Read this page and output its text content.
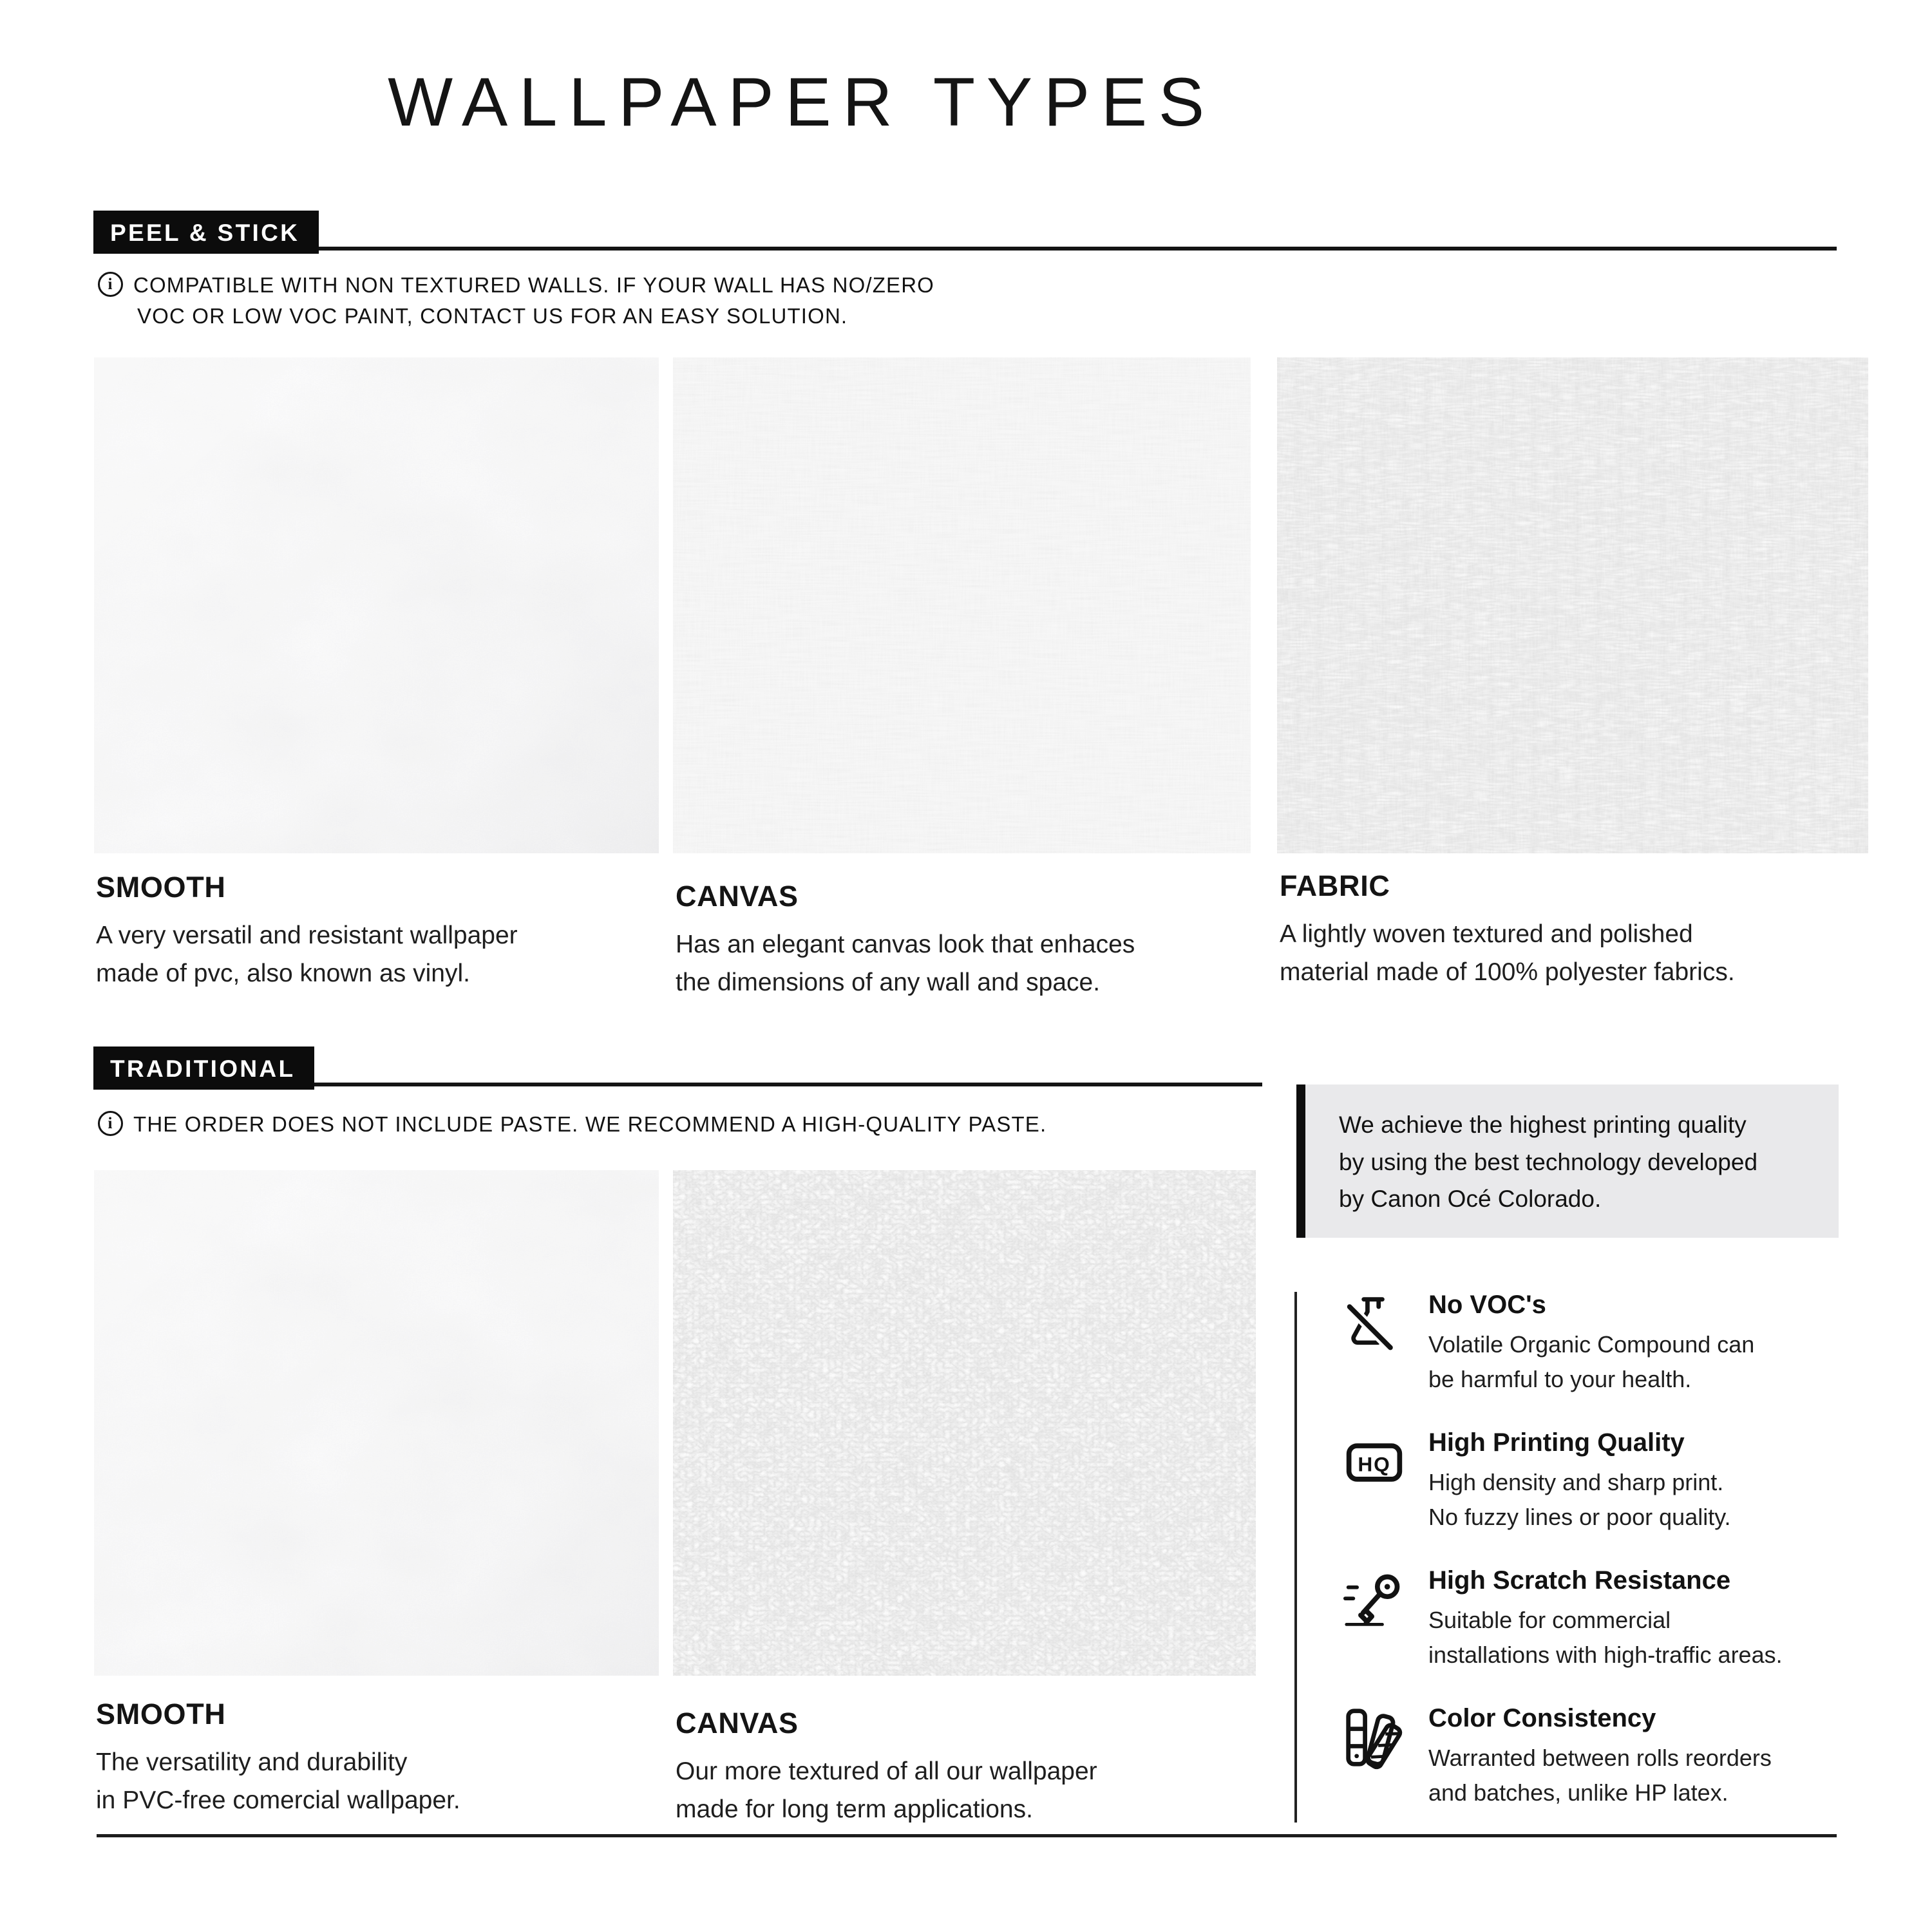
WALLPAPER TYPES
PEEL & STICK
i COMPATIBLE WITH NON TEXTURED WALLS. IF YOUR WALL HAS NO/ZERO
VOC OR LOW VOC PAINT, CONTACT US FOR AN EASY SOLUTION.
SMOOTH
A very versatil and resistant wallpaper
made of pvc, also known as vinyl.
CANVAS
Has an elegant canvas look that enhaces
the dimensions of any wall and space.
FABRIC
A lightly woven textured and polished
material made of 100% polyester fabrics.
TRADITIONAL
i THE ORDER DOES NOT INCLUDE PASTE. WE RECOMMEND A HIGH-QUALITY PASTE.
SMOOTH
The versatility and durability
in PVC-free comercial wallpaper.
CANVAS
Our more textured of all our wallpaper
made for long term applications.

We achieve the highest printing quality by using the best technology developed by Canon Océ Colorado.

No VOC's
Volatile Organic Compound can
be harmful to your health.
HQ
High Printing Quality
High density and sharp print.
No fuzzy lines or poor quality.
High Scratch Resistance
Suitable for commercial
installations with high-traffic areas.
Color Consistency
Warranted between rolls reorders
and batches, unlike HP latex.
